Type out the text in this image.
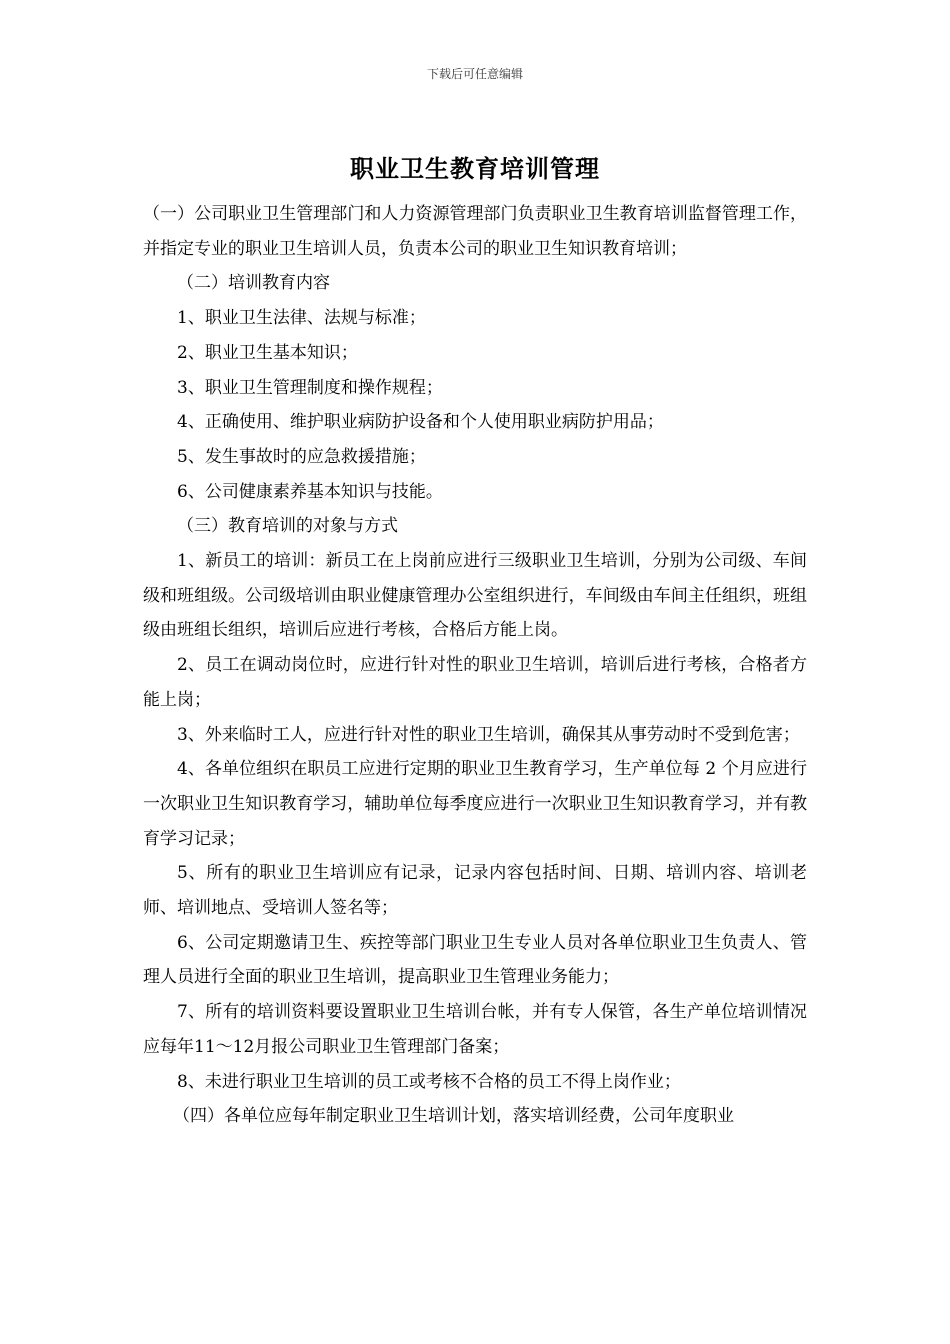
下载后可任意编辑
职业卫生教育培训管理

（一）公司职业卫生管理部门和人力资源管理部门负责职业卫生教育培训监督管理工作，并指定专业的职业卫生培训人员，负责本公司的职业卫生知识教育培训；

（二）培训教育内容

1、职业卫生法律、法规与标准；

2、职业卫生基本知识；

3、职业卫生管理制度和操作规程；

4、正确使用、维护职业病防护设备和个人使用职业病防护用品；

5、发生事故时的应急救援措施；

6、公司健康素养基本知识与技能。

（三）教育培训的对象与方式

1、新员工的培训：新员工在上岗前应进行三级职业卫生培训，分别为公司级、车间级和班组级。公司级培训由职业健康管理办公室组织进行，车间级由车间主任组织，班组级由班组长组织，培训后应进行考核，合格后方能上岗。

2、员工在调动岗位时，应进行针对性的职业卫生培训，培训后进行考核，合格者方能上岗；

3、外来临时工人，应进行针对性的职业卫生培训，确保其从事劳动时不受到危害；

4、各单位组织在职员工应进行定期的职业卫生教育学习，生产单位每 2 个月应进行一次职业卫生知识教育学习，辅助单位每季度应进行一次职业卫生知识教育学习，并有教育学习记录；

5、所有的职业卫生培训应有记录，记录内容包括时间、日期、培训内容、培训老师、培训地点、受培训人签名等；

6、公司定期邀请卫生、疾控等部门职业卫生专业人员对各单位职业卫生负责人、管理人员进行全面的职业卫生培训，提高职业卫生管理业务能力；

7、所有的培训资料要设置职业卫生培训台帐，并有专人保管，各生产单位培训情况应每年11～12月报公司职业卫生管理部门备案；

8、未进行职业卫生培训的员工或考核不合格的员工不得上岗作业；

（四）各单位应每年制定职业卫生培训计划，落实培训经费，公司年度职业
